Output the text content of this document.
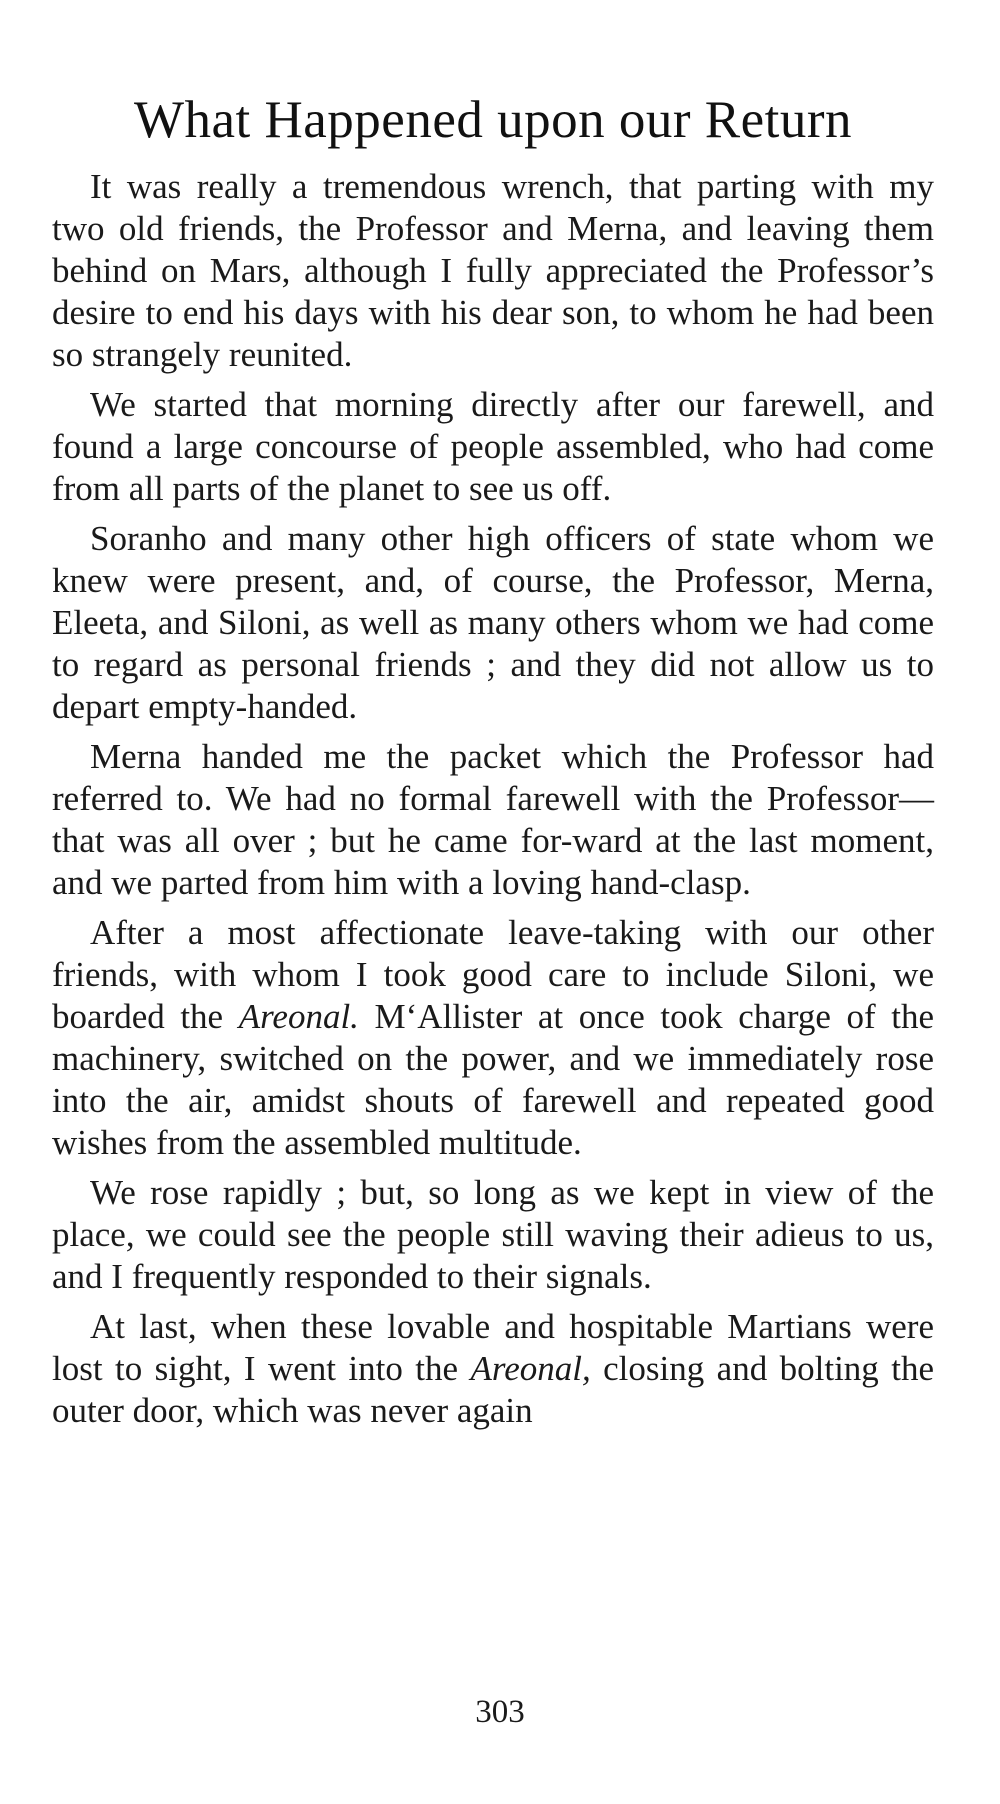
What Happened upon our Return

It was really a tremendous wrench, that parting with my two old friends, the Professor and Merna, and leaving them behind on Mars, although I fully appreciated the Professor’s desire to end his days with his dear son, to whom he had been so strangely reunited.

We started that morning directly after our farewell, and found a large concourse of people assembled, who had come from all parts of the planet to see us off.

Soranho and many other high officers of state whom we knew were present, and, of course, the Professor, Merna, Eleeta, and Siloni, as well as many others whom we had come to regard as personal friends ; and they did not allow us to depart empty-handed.

Merna handed me the packet which the Professor had referred to. We had no formal farewell with the Professor—that was all over ; but he came for-ward at the last moment, and we parted from him with a loving hand-clasp.

After a most affectionate leave-taking with our other friends, with whom I took good care to include Siloni, we boarded the Areonal. M‘Allister at once took charge of the machinery, switched on the power, and we immediately rose into the air, amidst shouts of farewell and repeated good wishes from the assembled multitude.

We rose rapidly ; but, so long as we kept in view of the place, we could see the people still waving their adieus to us, and I frequently responded to their signals.

At last, when these lovable and hospitable Martians were lost to sight, I went into the Areonal, closing and bolting the outer door, which was never again

303
